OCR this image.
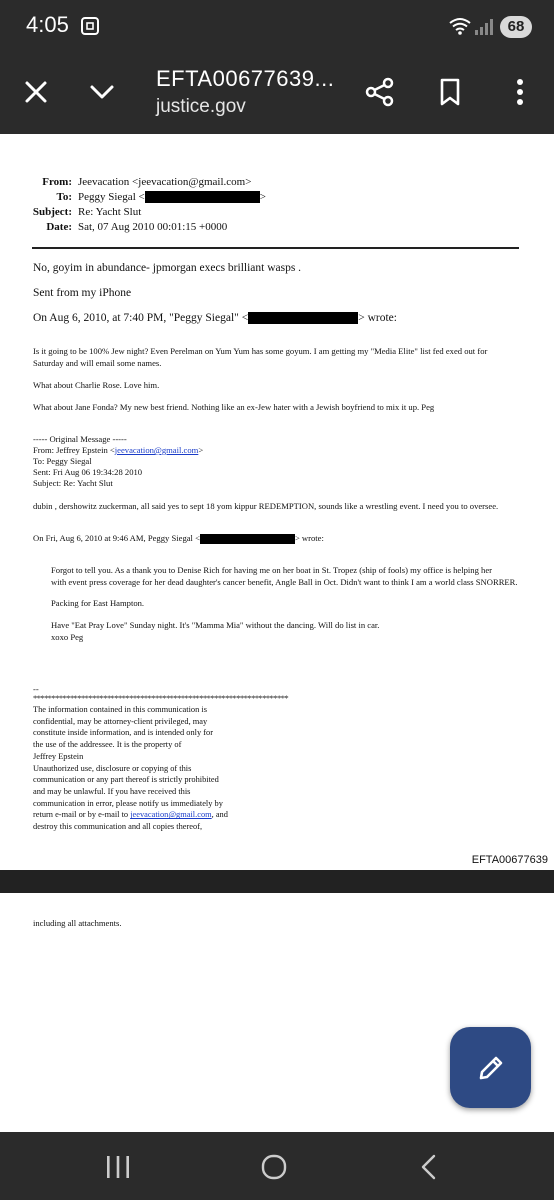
4:05	68
EFTA00677639...
justice.gov
From: Jeevacation <jeevacation@gmail.com>
To: Peggy Siegal <	>
Subject: Re: Yacht Slut
Date: Sat, 07 Aug 2010 00:01:15 +0000
No, goyim in abundance- jpmorgan execs brilliant wasps .
Sent from my iPhone
On Aug 6, 2010, at 7:40 PM, "Peggy Siegal" <	> wrote:
Is it going to be 100% Jew night? Even Perelman on Yum Yum has some goyum. I am getting my "Media Elite" list fed exed out for
Saturday and will email some names.
What about Charlie Rose. Love him.
What about Jane Fonda? My new best friend. Nothing like an ex-Jew hater with a Jewish boyfriend to mix it up. Peg
----- Original Message -----
From: Jeffrey Epstein <jeevacation@gmail.com>
To: Peggy Siegal
Sent: Fri Aug 06 19:34:28 2010
Subject: Re: Yacht Slut
dubin , dershowitz zuckerman, all said yes to sept 18 yom kippur REDEMPTION, sounds like a wrestling event. I need you to oversee.
On Fri, Aug 6, 2010 at 9:46 AM, Peggy Siegal <	> wrote:
Forgot to tell you. As a thank you to Denise Rich for having me on her boat in St. Tropez (ship of fools) my office is helping her
with event press coverage for her dead daughter's cancer benefit, Angle Ball in Oct. Didn't want to think I am a world class SNORRER.
Packing for East Hampton.
Have "Eat Pray Love" Sunday night. It's "Mamma Mia" without the dancing. Will do list in car.
xoxo Peg
--
*********************************************************************
The information contained in this communication is
confidential, may be attorney-client privileged, may
constitute inside information, and is intended only for
the use of the addressee. It is the property of
Jeffrey Epstein
Unauthorized use, disclosure or copying of this
communication or any part thereof is strictly prohibited
and may be unlawful. If you have received this
communication in error, please notify us immediately by
return e-mail or by e-mail to jeevacation@gmail.com, and
destroy this communication and all copies thereof,
EFTA00677639
including all attachments.
